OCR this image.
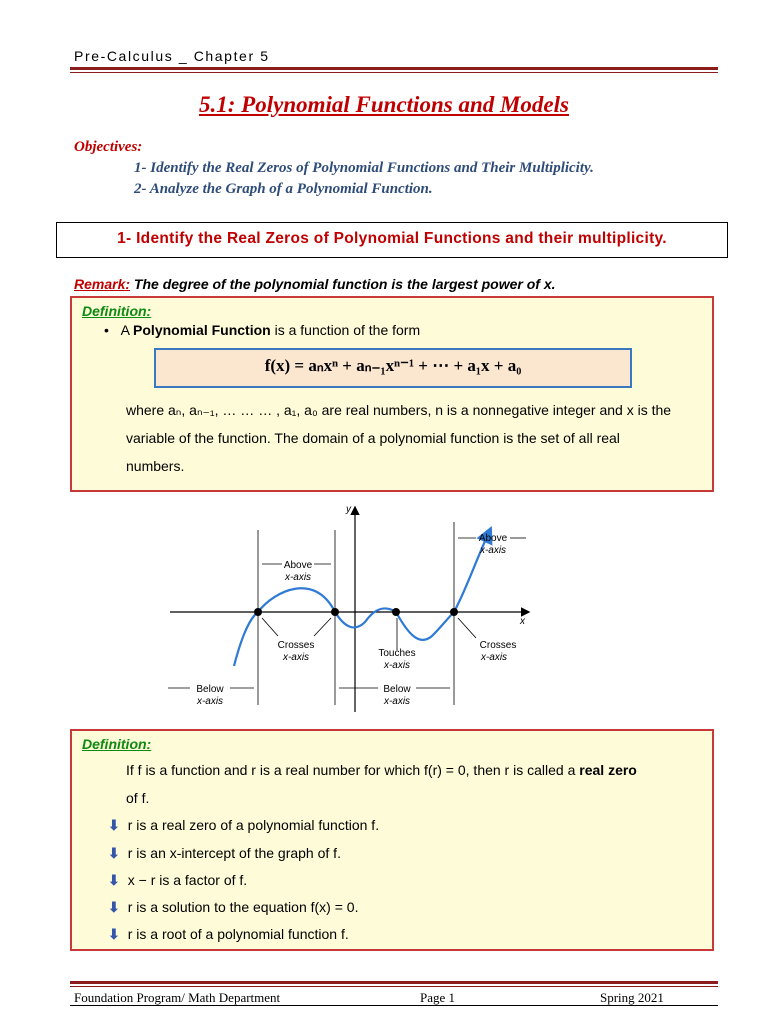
Pre-Calculus _ Chapter 5
5.1: Polynomial Functions and Models
Objectives:
1- Identify the Real Zeros of Polynomial Functions and Their Multiplicity.
2- Analyze the Graph of a Polynomial Function.
1- Identify the Real Zeros of Polynomial Functions and their multiplicity.
Remark: The degree of the polynomial function is the largest power of x.
Definition:
• A Polynomial Function is a function of the form
f(x) = aₙxⁿ + aₙ₋₁xⁿ⁻¹ + ⋯ + a₁x + a₀
where aₙ, aₙ₋₁, … … … , a₁, a₀ are real numbers, n is a nonnegative integer and x is the
variable of the function. The domain of a polynomial function is the set of all real
numbers.
y
x
Above
x-axis
Above
x-axis
Crosses
x-axis	Touches
x-axis
Crosses
x-axis
Below
x-axis
Below
x-axis
Definition:
If f is a function and r is a real number for which f(r) = 0, then r is called a real zero
of f.
⬇ r is a real zero of a polynomial function f.
⬇ r is an x-intercept of the graph of f.
⬇ x − r is a factor of f.
⬇ r is a solution to the equation f(x) = 0.
⬇ r is a root of a polynomial function f.
Foundation Program/ Math Department	Page 1	Spring 2021
